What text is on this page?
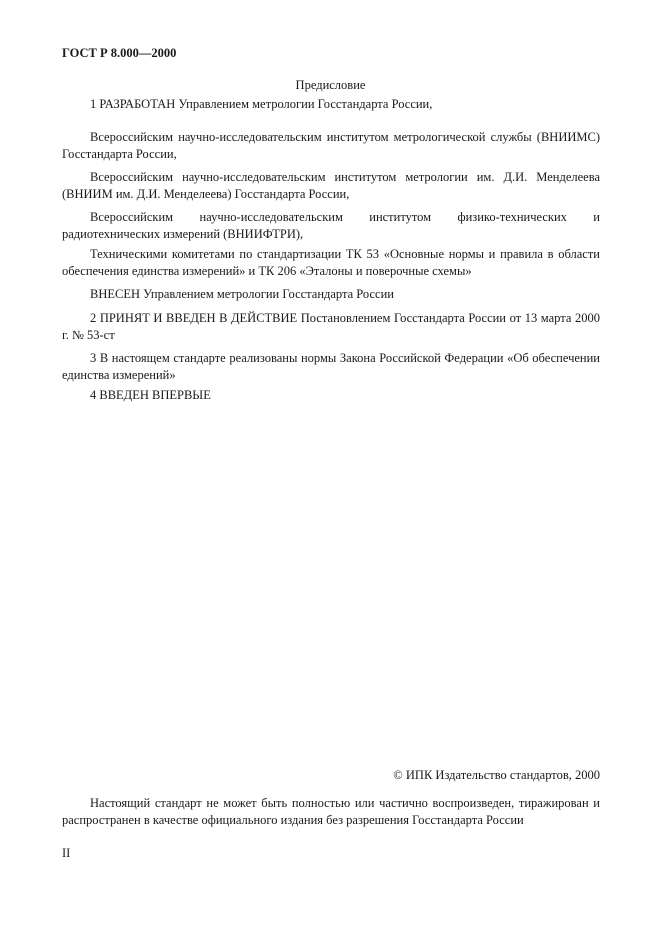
ГОСТ Р 8.000—2000
Предисловие

1 РАЗРАБОТАН Управлением метрологии Госстандарта России,

Всероссийским научно-исследовательским институтом метрологической службы (ВНИИМС) Госстандарта России,

Всероссийским научно-исследовательским институтом метрологии им. Д.И. Менделеева (ВНИИМ им. Д.И. Менделеева) Госстандарта России,

Всероссийским научно-исследовательским институтом физико-технических и радиотехнических измерений (ВНИИФТРИ),

Техническими комитетами по стандартизации ТК 53 «Основные нормы и правила в области обеспечения единства измерений» и ТК 206 «Эталоны и поверочные схемы»

ВНЕСЕН Управлением метрологии Госстандарта России

2 ПРИНЯТ И ВВЕДЕН В ДЕЙСТВИЕ Постановлением Госстандарта России от 13 марта 2000 г. № 53-ст

3 В настоящем стандарте реализованы нормы Закона Российской Федерации «Об обеспечении единства измерений»

4 ВВЕДЕН ВПЕРВЫЕ

© ИПК Издательство стандартов, 2000

Настоящий стандарт не может быть полностью или частично воспроизведен, тиражирован и распространен в качестве официального издания без разрешения Госстандарта России

II
